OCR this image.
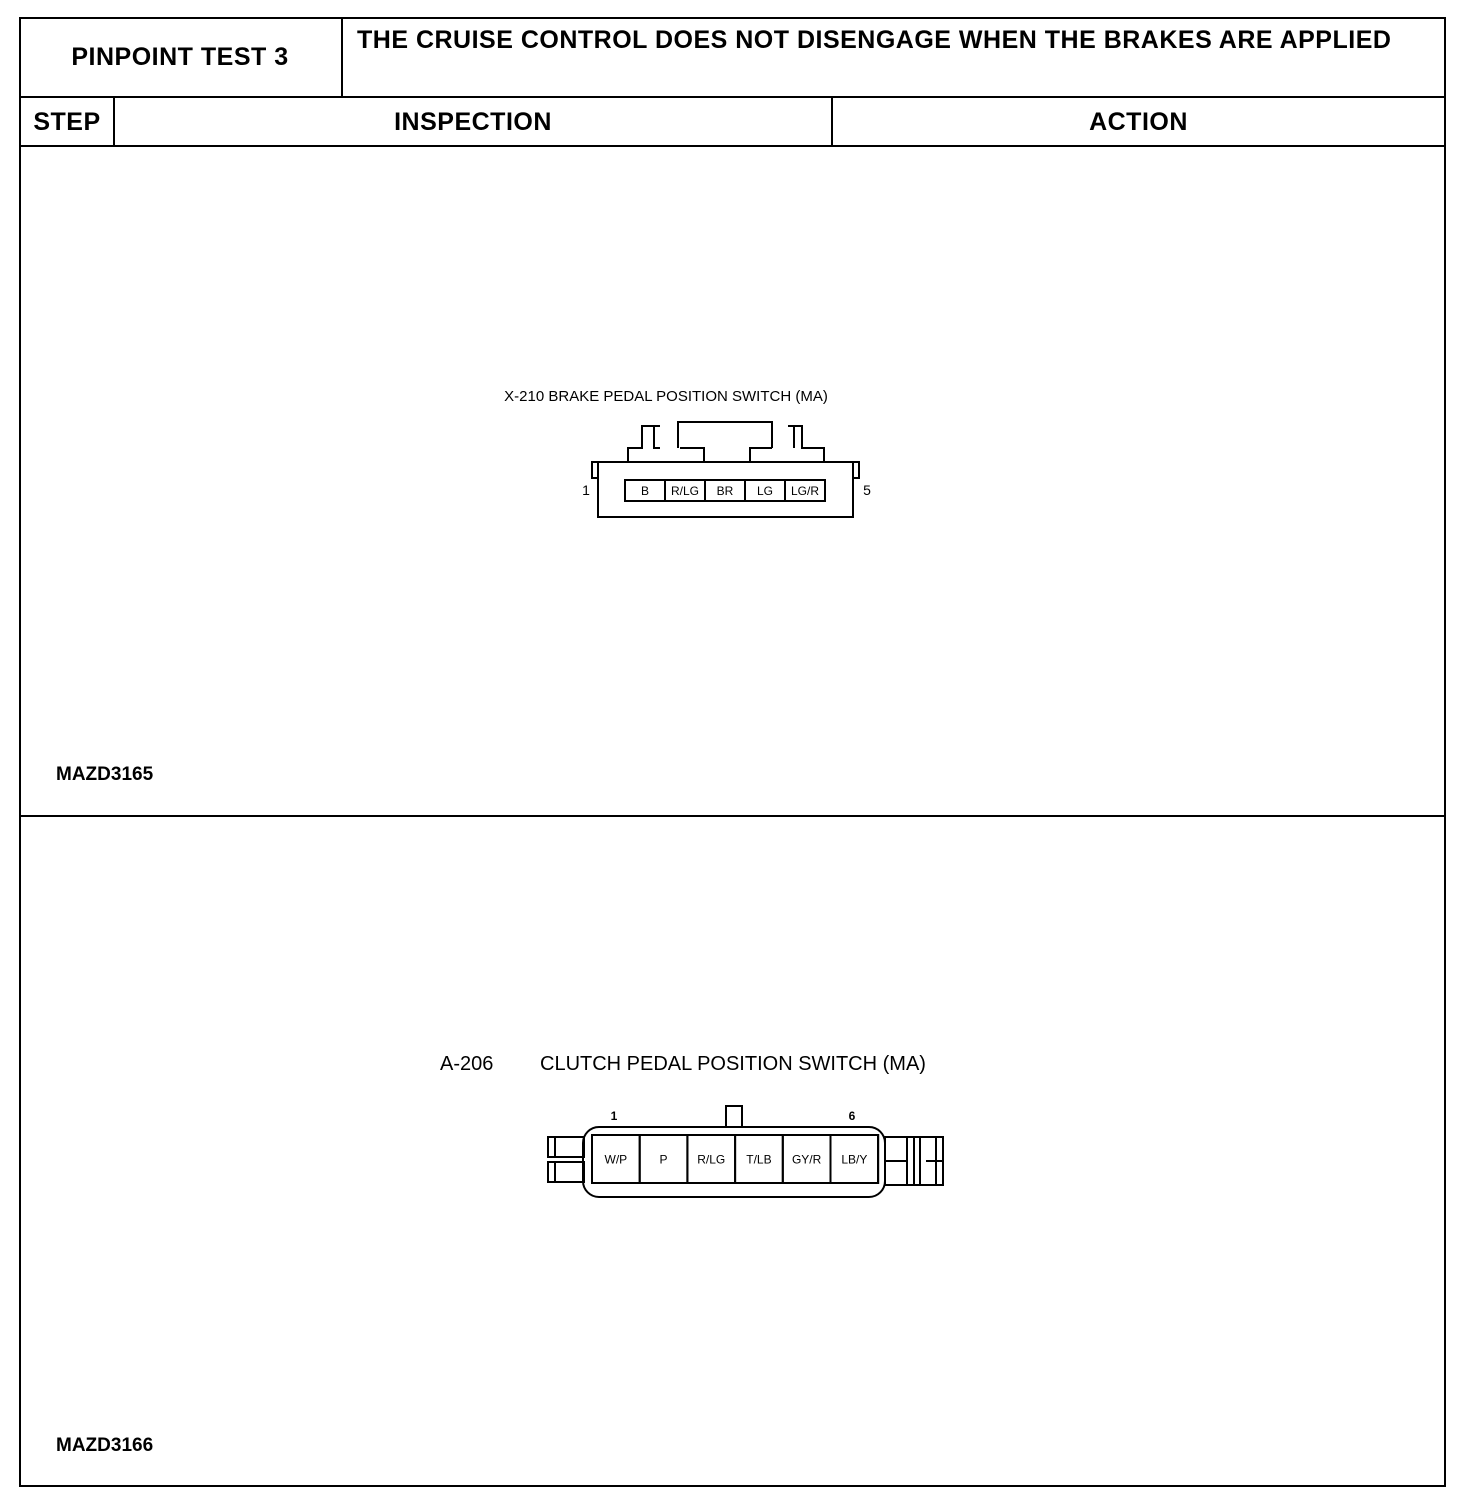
PINPOINT TEST 3
THE CRUISE CONTROL DOES NOT DISENGAGE WHEN THE BRAKES ARE APPLIED
STEP	INSPECTION	ACTION
X-210 BRAKE PEDAL POSITION SWITCH (MA)
1	5
B R/LG BR LG LG/R
MAZD3165
A-206 CLUTCH PEDAL POSITION SWITCH (MA)
1	6
W/P	P R/LG T/LB GY/R LB/Y
MAZD3166
